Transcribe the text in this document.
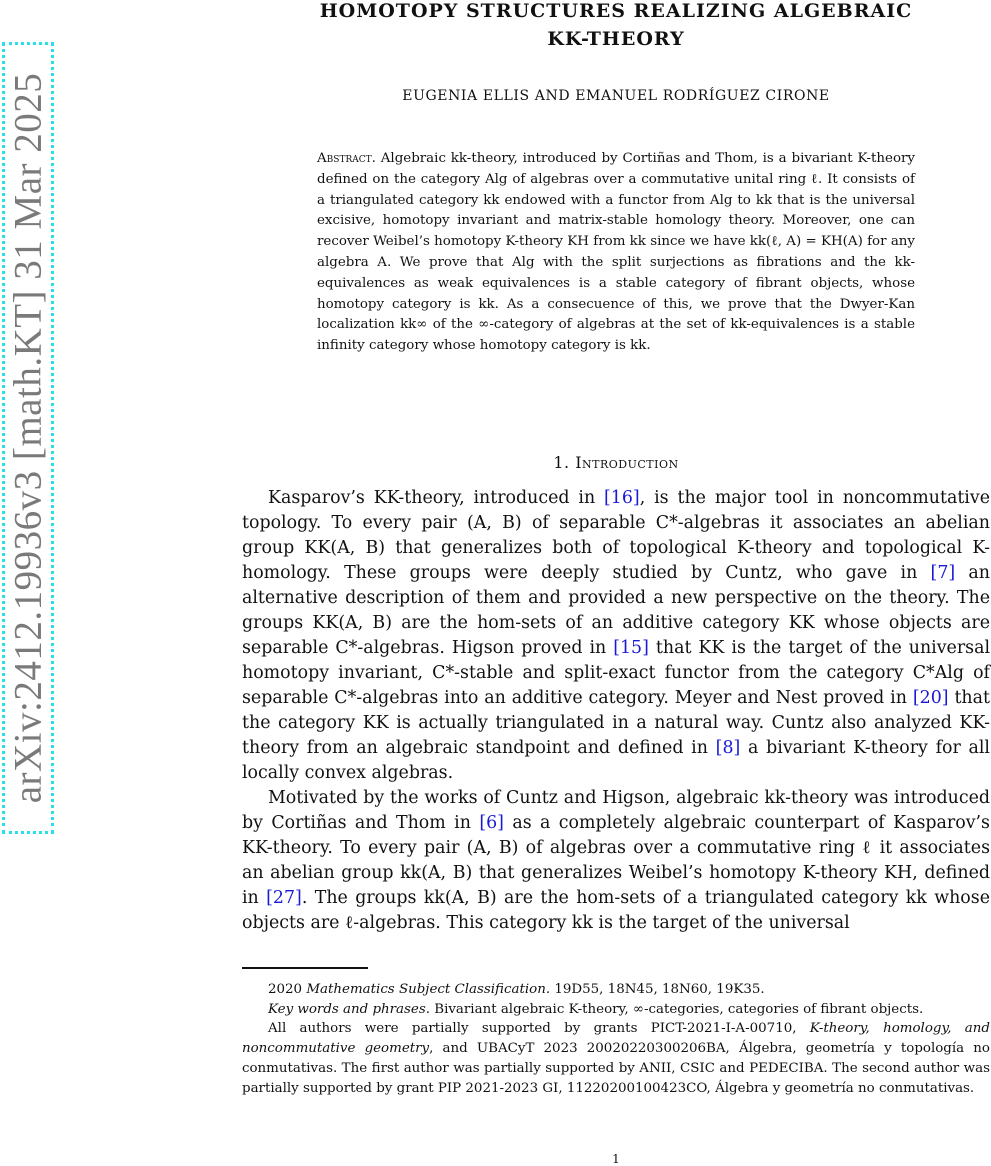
arXiv:2412.19936v3 [math.KT] 31 Mar 2025
HOMOTOPY STRUCTURES REALIZING ALGEBRAIC
KK-THEORY
EUGENIA ELLIS AND EMANUEL RODRÍGUEZ CIRONE
Abstract. Algebraic kk-theory, introduced by Cortiñas and Thom, is a bivariant K-theory defined on the category Alg of algebras over a commutative unital ring ℓ. It consists of a triangulated category kk endowed with a functor from Alg to kk that is the universal excisive, homotopy invariant and matrix-stable homology theory. Moreover, one can recover Weibel’s homotopy K-theory KH from kk since we have kk(ℓ, A) = KH(A) for any algebra A. We prove that Alg with the split surjections as fibrations and the kk-equivalences as weak equivalences is a stable category of fibrant objects, whose homotopy category is kk. As a consecuence of this, we prove that the Dwyer-Kan localization kk∞ of the ∞-category of algebras at the set of kk-equivalences is a stable infinity category whose homotopy category is kk.
1. Introduction

Kasparov’s KK-theory, introduced in [16], is the major tool in noncommutative topology. To every pair (A, B) of separable C*-algebras it associates an abelian group KK(A, B) that generalizes both of topological K-theory and topological K-homology. These groups were deeply studied by Cuntz, who gave in [7] an alternative description of them and provided a new perspective on the theory. The groups KK(A, B) are the hom-sets of an additive category KK whose objects are separable C*-algebras. Higson proved in [15] that KK is the target of the universal homotopy invariant, C*-stable and split-exact functor from the category C*Alg of separable C*-algebras into an additive category. Meyer and Nest proved in [20] that the category KK is actually triangulated in a natural way. Cuntz also analyzed KK-theory from an algebraic standpoint and defined in [8] a bivariant K-theory for all locally convex algebras.

Motivated by the works of Cuntz and Higson, algebraic kk-theory was introduced by Cortiñas and Thom in [6] as a completely algebraic counterpart of Kasparov’s KK-theory. To every pair (A, B) of algebras over a commutative ring ℓ it associates an abelian group kk(A, B) that generalizes Weibel’s homotopy K-theory KH, defined in [27]. The groups kk(A, B) are the hom-sets of a triangulated category kk whose objects are ℓ-algebras. This category kk is the target of the universal

2020 Mathematics Subject Classification. 19D55, 18N45, 18N60, 19K35.

Key words and phrases. Bivariant algebraic K-theory, ∞-categories, categories of fibrant objects.

All authors were partially supported by grants PICT-2021-I-A-00710, K-theory, homology, and noncommutative geometry, and UBACyT 2023 20020220300206BA, Álgebra, geometría y topología no conmutativas. The first author was partially supported by ANII, CSIC and PEDECIBA. The second author was partially supported by grant PIP 2021-2023 GI, 11220200100423CO, Álgebra y geometría no conmutativas.

1
